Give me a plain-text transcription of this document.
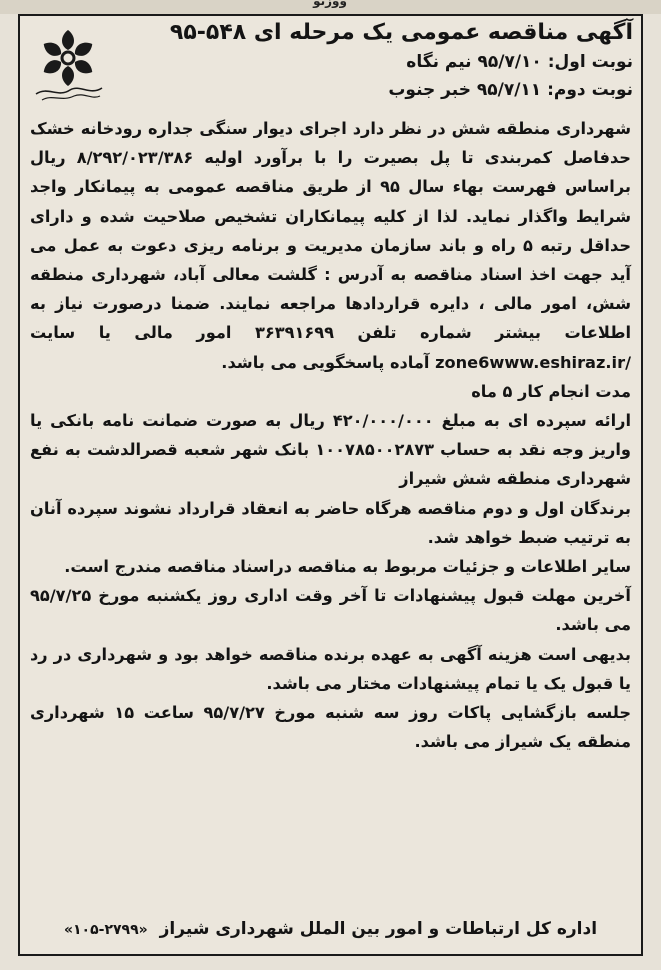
ووزنو
آگهی مناقصه عمومی یک مرحله ای ۵۴۸-۹۵
نوبت اول: ۹۵/۷/۱۰ نیم نگاه
نوبت دوم: ۹۵/۷/۱۱ خبر جنوب

شهرداری منطقه شش در نظر دارد اجرای دیوار سنگی جداره رودخانه خشک حدفاصل کمربندی تا پل بصیرت را با برآورد اولیه ۸/۲۹۲/۰۲۳/۳۸۶ ریال براساس فهرست بهاء سال ۹۵ از طریق مناقصه عمومی به پیمانکار واجد شرایط واگذار نماید. لذا از کلیه پیمانکاران تشخیص صلاحیت شده و دارای حداقل رتبه ۵ راه و باند سازمان مدیریت و برنامه ریزی دعوت به عمل می آید جهت اخذ اسناد مناقصه به آدرس : گلشت معالی آباد، شهرداری منطقه شش، امور مالی ، دایره قراردادها مراجعه نمایند. ضمنا درصورت نیاز به اطلاعات بیشتر شماره تلفن ۳۶۳۹۱۶۹۹ امور مالی یا سایت zone6www.eshiraz.ir/ آماده پاسخگویی می باشد.

مدت انجام کار ۵ ماه

ارائه سپرده ای به مبلغ ۴۲۰/۰۰۰/۰۰۰ ریال به صورت ضمانت نامه بانکی یا واریز وجه نقد به حساب ۱۰۰۷۸۵۰۰۲۸۷۳ بانک شهر شعبه قصرالدشت به نفع شهرداری منطقه شش شیراز

برندگان اول و دوم مناقصه هرگاه حاضر به انعقاد قرارداد نشوند سپرده آنان به ترتیب ضبط خواهد شد.

سایر اطلاعات و جزئیات مربوط به مناقصه دراسناد مناقصه مندرج است.

آخرین مهلت قبول پیشنهادات تا آخر وقت اداری روز یکشنبه مورخ ۹۵/۷/۲۵ می باشد.

بدیهی است هزینه آگهی به عهده برنده مناقصه خواهد بود و شهرداری در رد یا قبول یک یا تمام پیشنهادات مختار می باشد.

جلسه بازگشایی پاکات روز سه شنبه مورخ ۹۵/۷/۲۷ ساعت ۱۵ شهرداری منطقه یک شیراز می باشد.

اداره کل ارتباطات و امور بین الملل شهرداری شیراز «۲۷۹۹-۱۰۵»
